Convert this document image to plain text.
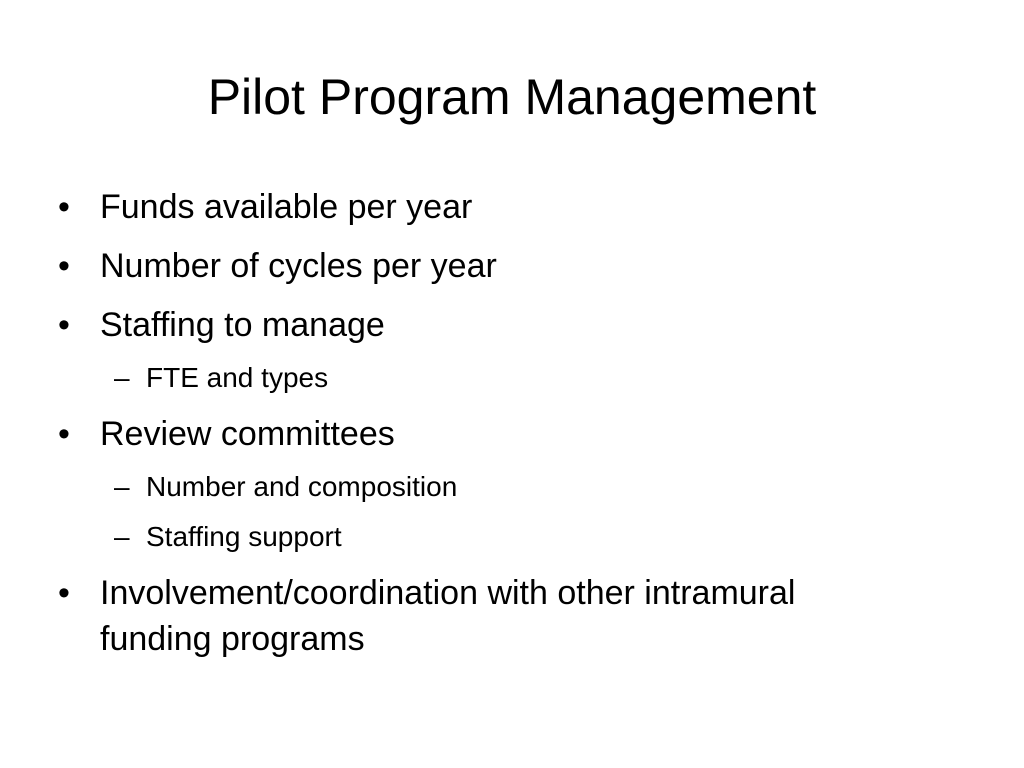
Pilot Program Management
• Funds available per year
• Number of cycles per year
• Staffing to manage
– FTE and types
• Review committees
– Number and composition
– Staffing support
• Involvement/coordination with other intramural funding programs
